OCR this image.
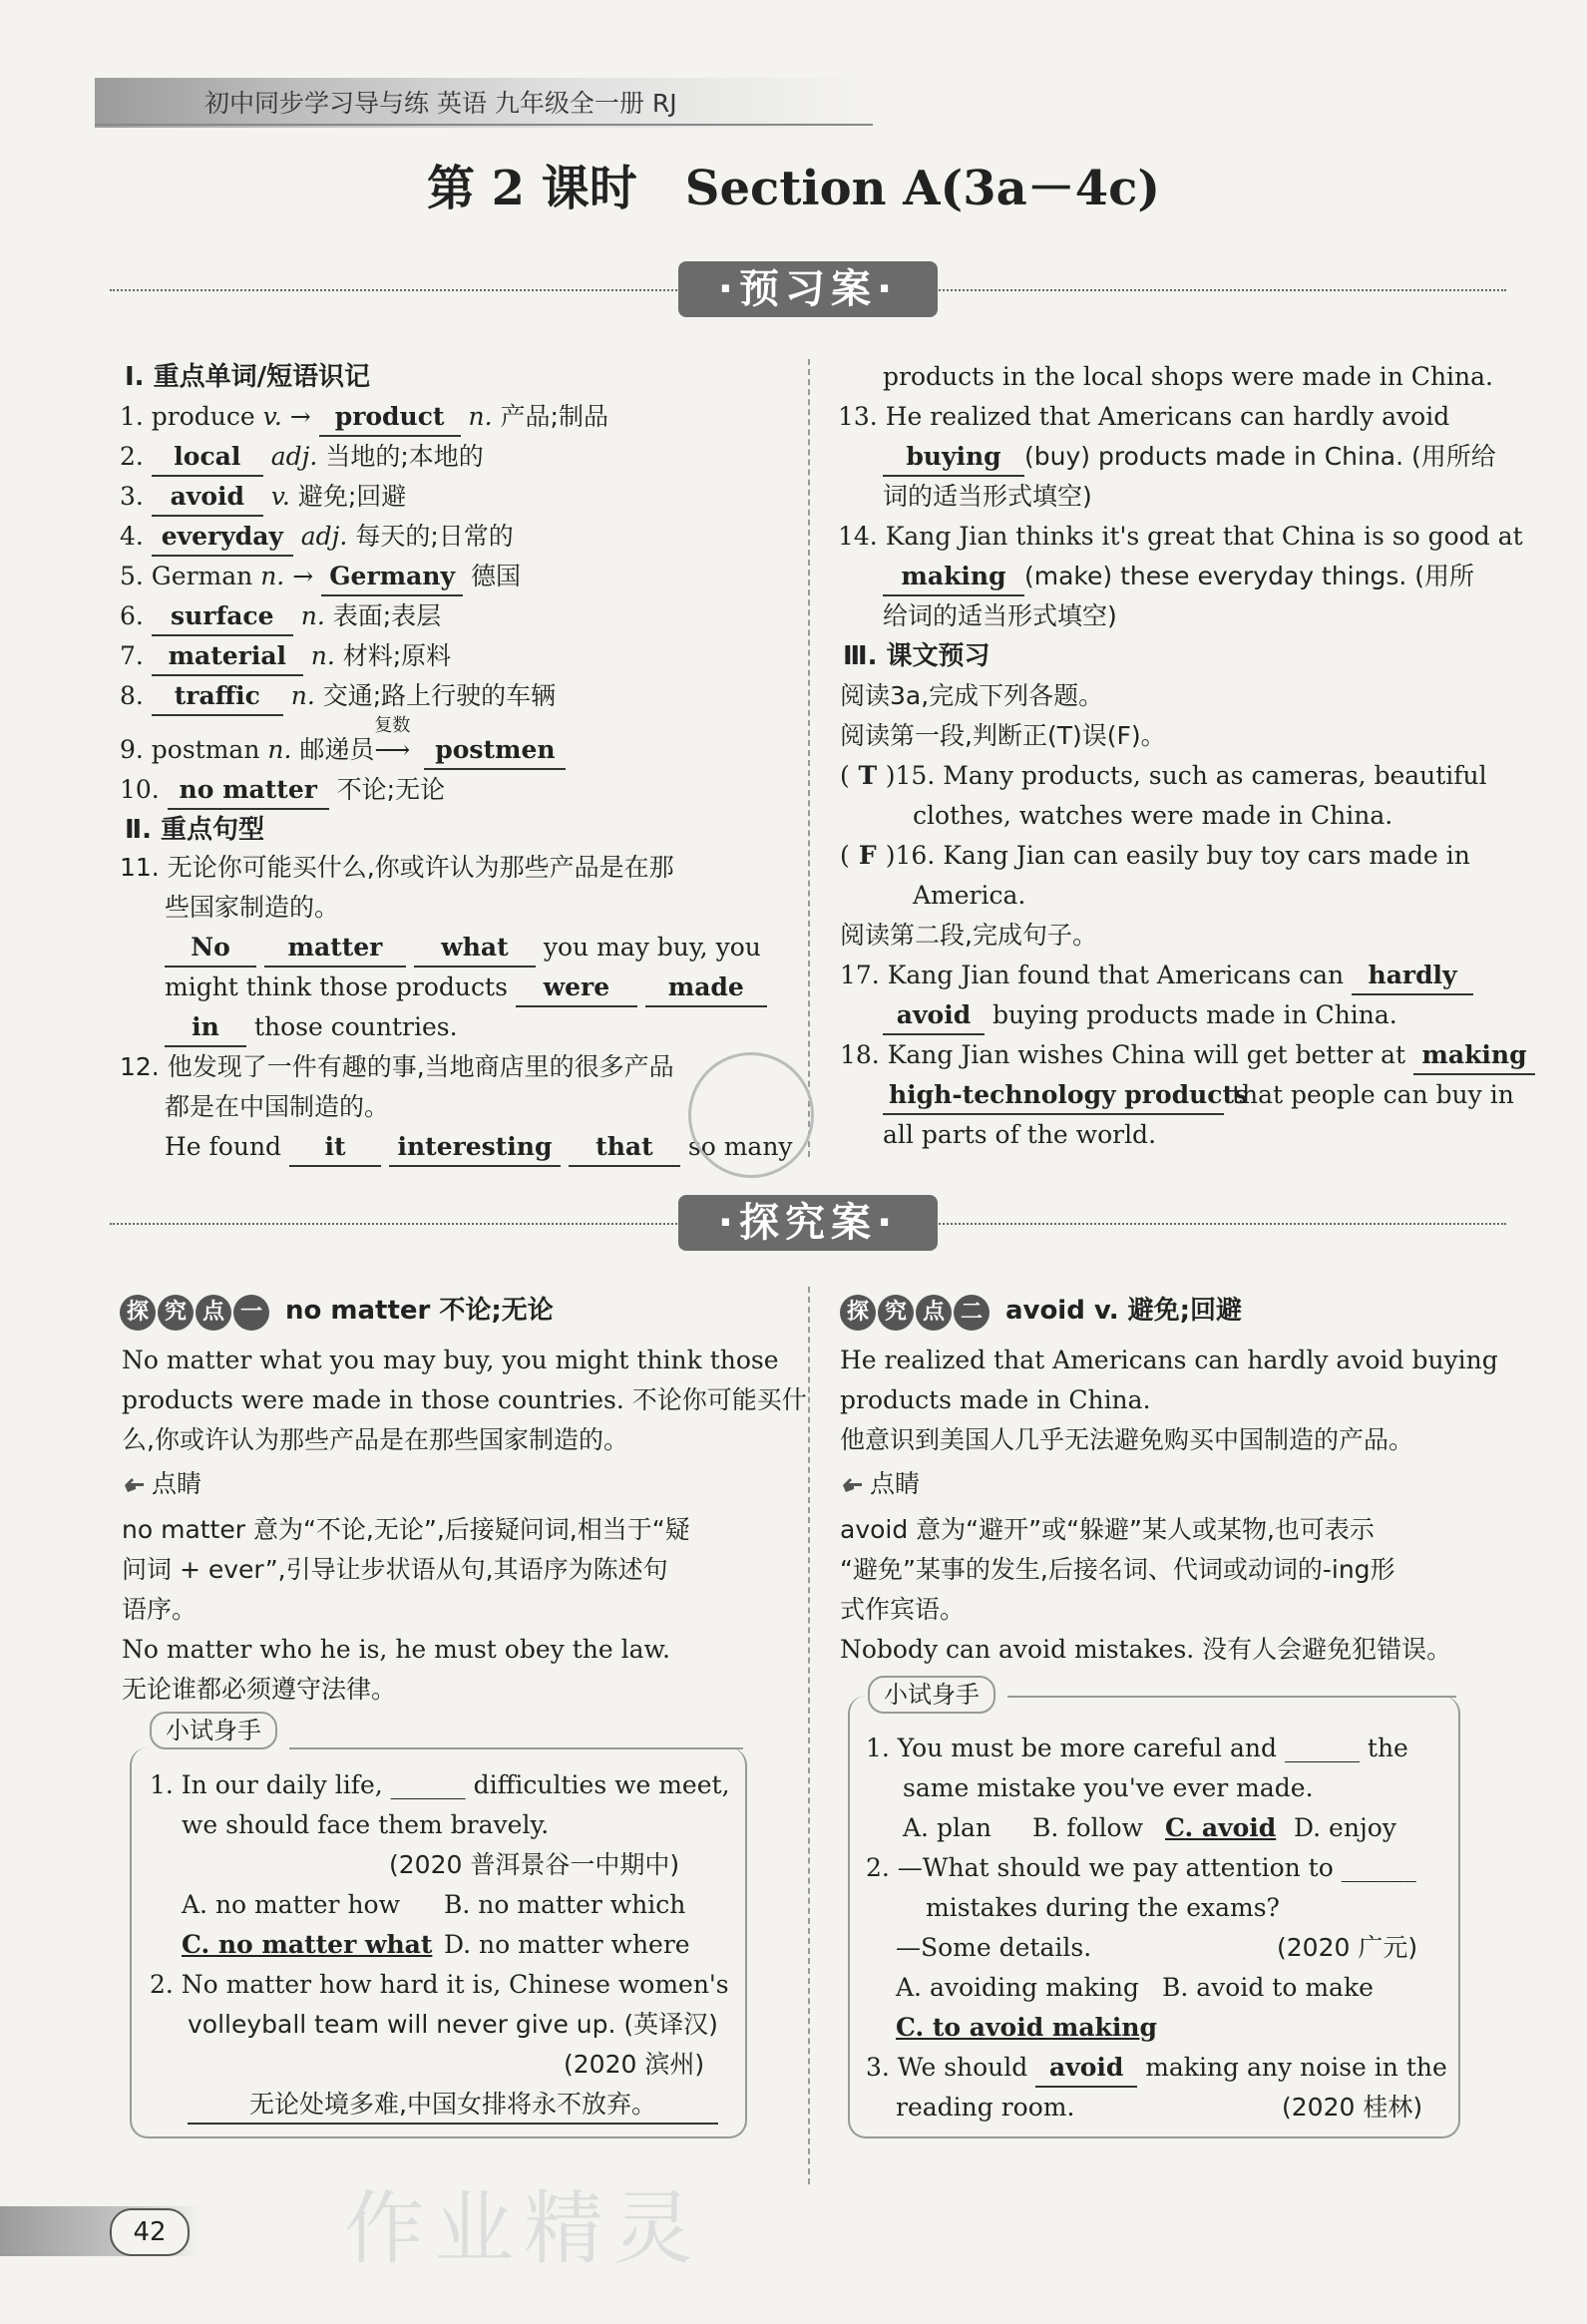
初中同步学习导与练 英语 九年级全一册 RJ
第 2 课时　Section A(3a－4c)
·预习案·
Ⅰ. 重点单词/短语识记
1. produce v. → product n. 产品;制品
2. local adj. 当地的;本地的
3. avoid v. 避免;回避
4. everyday adj. 每天的;日常的
5. German n. → Germany 德国
6. surface n. 表面;表层
7. material n. 材料;原料
8. traffic n. 交通;路上行驶的车辆
9. postman n. 邮递员
复数
⟶ postmen
10. no matter 不论;无论
Ⅱ. 重点句型
11. 无论你可能买什么,你或许认为那些产品是在那
些国家制造的。
No matter what you may buy, you
might think those products were made
in those countries.
12. 他发现了一件有趣的事,当地商店里的很多产品
都是在中国制造的。
He found it interesting that so many
products in the local shops were made in China.
13. He realized that Americans can hardly avoid
buying (buy) products made in China. (用所给
词的适当形式填空)
14. Kang Jian thinks it's great that China is so good at
making (make) these everyday things. (用所
给词的适当形式填空)
Ⅲ. 课文预习
阅读3a,完成下列各题。
阅读第一段,判断正(T)误(F)。
( T )15. Many products, such as cameras, beautiful
clothes, watches were made in China.
( F )16. Kang Jian can easily buy toy cars made in
America.
阅读第二段,完成句子。
17. Kang Jian found that Americans can hardly
avoid buying products made in China.
18. Kang Jian wishes China will get better at making
high-technology products that people can buy in
all parts of the world.
·探究案·
探 究 点 一 no matter 不论;无论
No matter what you may buy, you might think those
products were made in those countries. 不论你可能买什
么,你或许认为那些产品是在那些国家制造的。
点睛
no matter 意为“不论,无论”,后接疑问词,相当于“疑
问词 + ever”,引导让步状语从句,其语序为陈述句
语序。
No matter who he is, he must obey the law.
无论谁都必须遵守法律。
小试身手
1. In our daily life, ______ difficulties we meet,
we should face them bravely.
(2020 普洱景谷一中期中)
A. no matter how B. no matter which
C. no matter what D. no matter where
2. No matter how hard it is, Chinese women's
volleyball team will never give up. (英译汉)
(2020 滨州)
无论处境多难,中国女排将永不放弃。
探 究 点 二 avoid v. 避免;回避
He realized that Americans can hardly avoid buying
products made in China.
他意识到美国人几乎无法避免购买中国制造的产品。
点睛
avoid 意为“避开”或“躲避”某人或某物,也可表示
“避免”某事的发生,后接名词、代词或动词的-ing形
式作宾语。
Nobody can avoid mistakes. 没有人会避免犯错误。
小试身手
1. You must be more careful and ______ the
same mistake you've ever made.
A. plan B. follow C. avoid D. enjoy
2. —What should we pay attention to ______
mistakes during the exams?
—Some details.	(2020 广元)
A. avoiding making B. avoid to make
C. to avoid making
3. We should avoid making any noise in the
reading room.	(2020 桂林)
42 作业精灵
